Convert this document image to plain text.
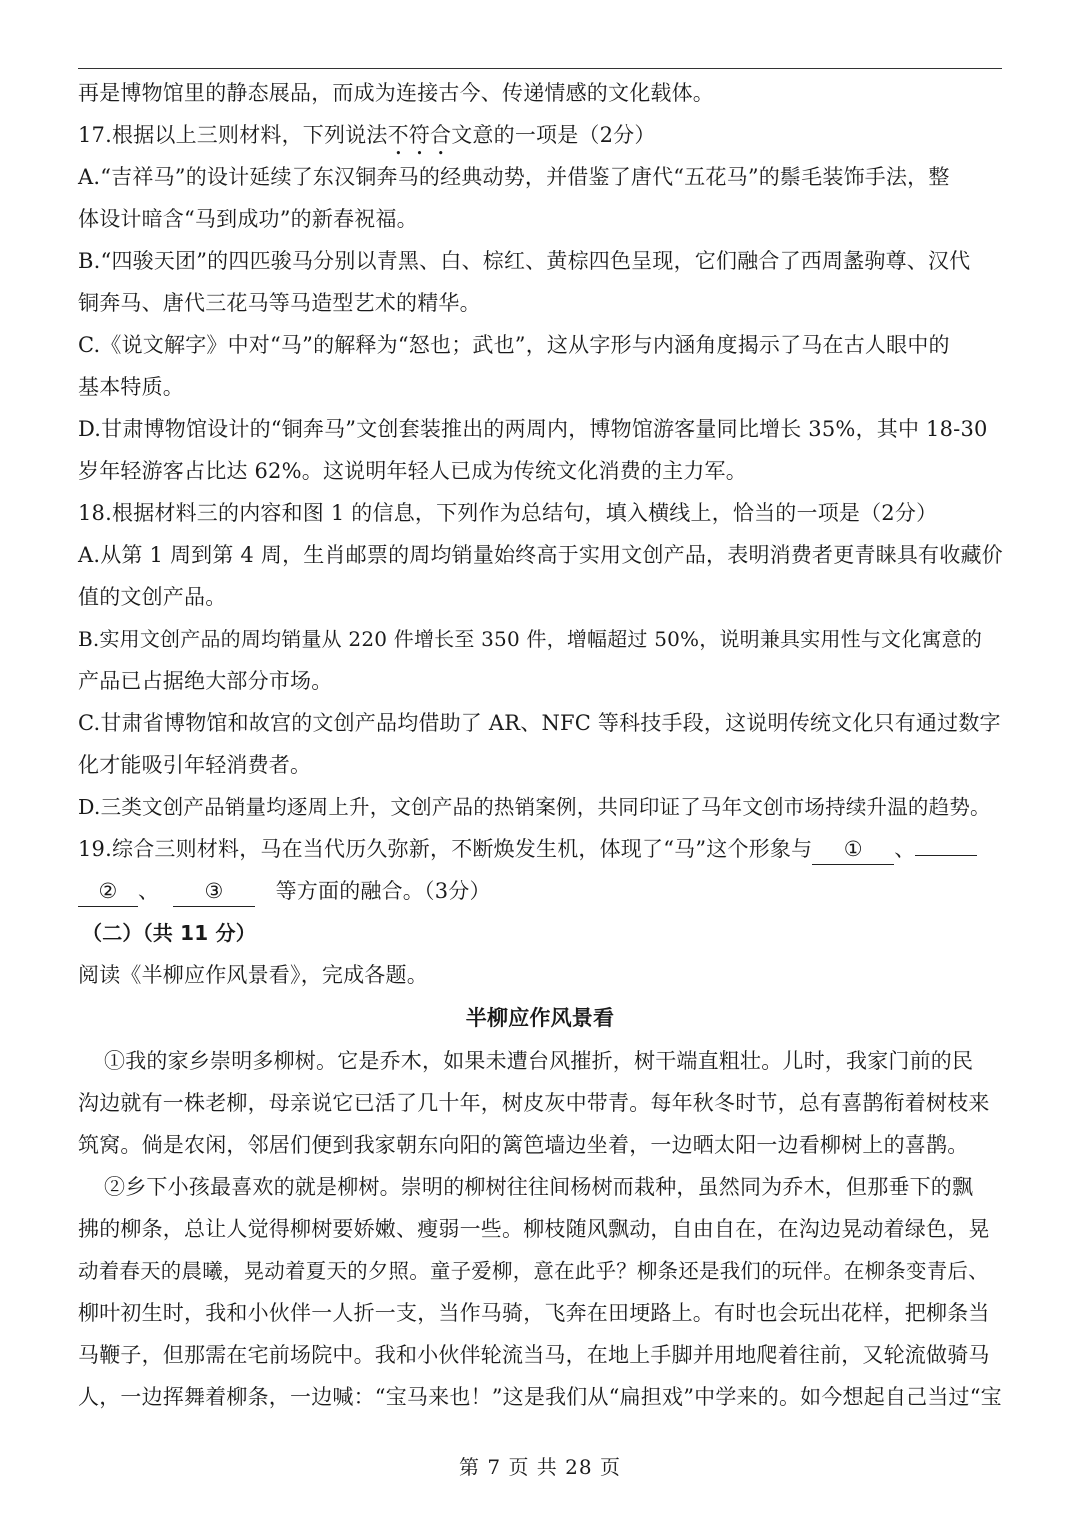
再是博物馆里的静态展品，而成为连接古今、传递情感的文化载体。
17.根据以上三则材料，下列说法不符合文意的一项是（2分）
A.“吉祥马”的设计延续了东汉铜奔马的经典动势，并借鉴了唐代“五花马”的鬃毛装饰手法，整
体设计暗含“马到成功”的新春祝福。
B.“四骏天团”的四匹骏马分别以青黑、白、棕红、黄棕四色呈现，它们融合了西周盠驹尊、汉代
铜奔马、唐代三花马等马造型艺术的精华。
C.《说文解字》中对“马”的解释为“怒也；武也”，这从字形与内涵角度揭示了马在古人眼中的
基本特质。
D.甘肃博物馆设计的“铜奔马”文创套装推出的两周内，博物馆游客量同比增长 35%，其中 18-30
岁年轻游客占比达 62%。这说明年轻人已成为传统文化消费的主力军。
18.根据材料三的内容和图 1 的信息，下列作为总结句，填入横线上，恰当的一项是（2分）
A.从第 1 周到第 4 周，生肖邮票的周均销量始终高于实用文创产品，表明消费者更青睐具有收藏价
值的文创产品。
B.实用文创产品的周均销量从 220 件增长至 350 件，增幅超过 50%，说明兼具实用性与文化寓意的
产品已占据绝大部分市场。
C.甘肃省博物馆和故宫的文创产品均借助了 AR、NFC 等科技手段，这说明传统文化只有通过数字
化才能吸引年轻消费者。
D.三类文创产品销量均逐周上升，文创产品的热销案例，共同印证了马年文创市场持续升温的趋势。
19.综合三则材料，马在当代历久弥新，不断焕发生机，体现了“马”这个形象与 ① 、
② 、 ③ 等方面的融合。（3分）
（二）（共 11 分）
阅读《半柳应作风景看》，完成各题。
半柳应作风景看
①我的家乡崇明多柳树。它是乔木，如果未遭台风摧折，树干端直粗壮。儿时，我家门前的民
沟边就有一株老柳，母亲说它已活了几十年，树皮灰中带青。每年秋冬时节，总有喜鹊衔着树枝来
筑窝。倘是农闲，邻居们便到我家朝东向阳的篱笆墙边坐着，一边晒太阳一边看柳树上的喜鹊。
②乡下小孩最喜欢的就是柳树。崇明的柳树往往间杨树而栽种，虽然同为乔木，但那垂下的飘
拂的柳条，总让人觉得柳树要娇嫩、瘦弱一些。柳枝随风飘动，自由自在，在沟边晃动着绿色，晃
动着春天的晨曦，晃动着夏天的夕照。童子爱柳，意在此乎？柳条还是我们的玩伴。在柳条变青后、
柳叶初生时，我和小伙伴一人折一支，当作马骑，飞奔在田埂路上。有时也会玩出花样，把柳条当
马鞭子，但那需在宅前场院中。我和小伙伴轮流当马，在地上手脚并用地爬着往前，又轮流做骑马
人，一边挥舞着柳条，一边喊：“宝马来也！”这是我们从“扁担戏”中学来的。如今想起自己当过“宝
第 7 页 共 28 页
